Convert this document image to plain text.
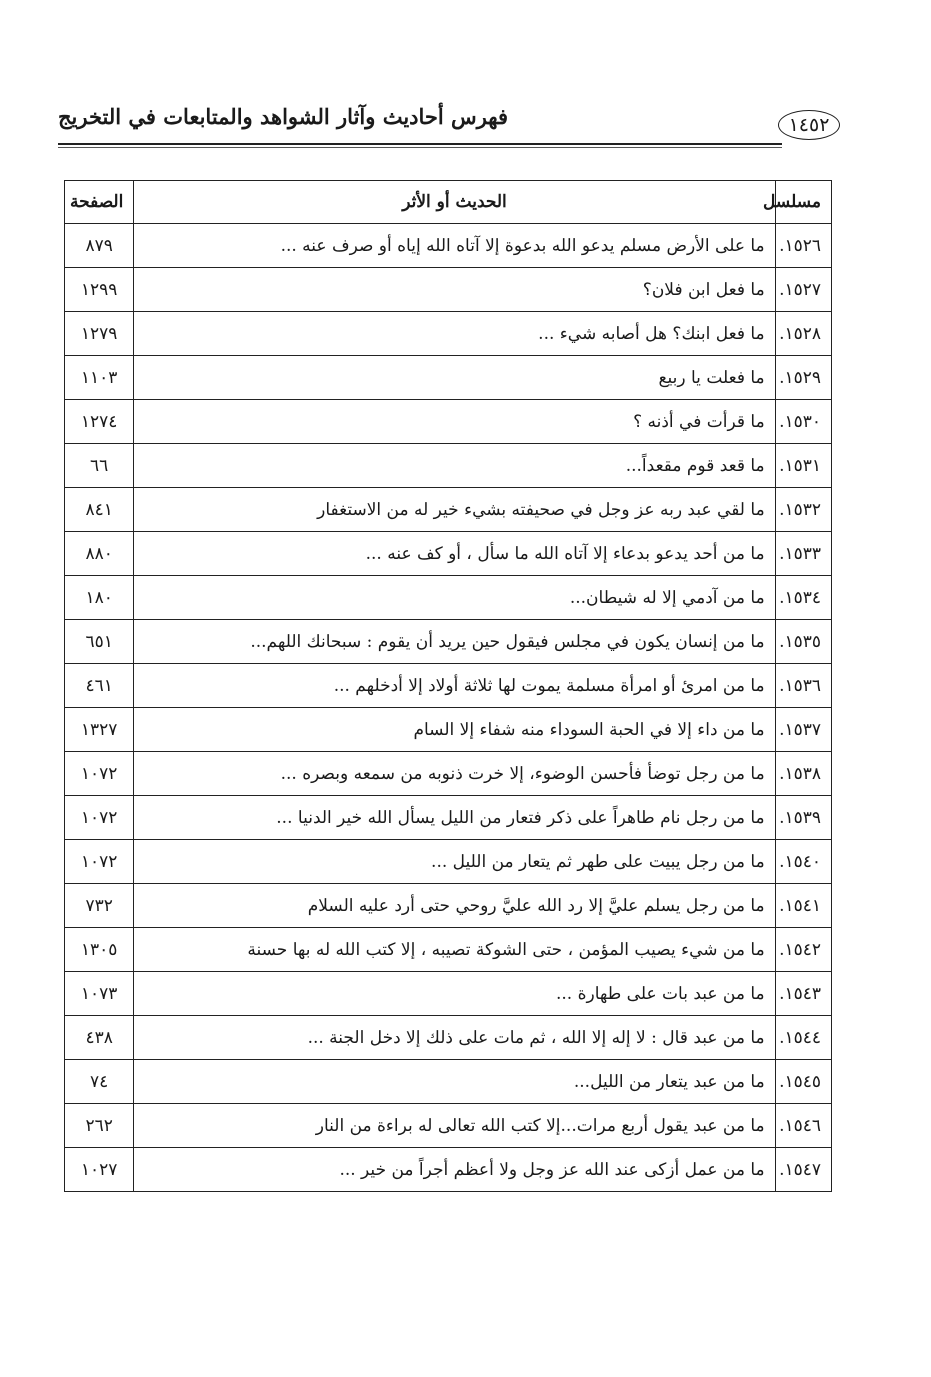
فهرس أحاديث وآثار الشواهد والمتابعات في التخريج	١٤٥٢
مسلسل	الحديث أو الأثر	الصفحة
١٥٢٦.	ما على الأرض مسلم يدعو الله بدعوة إلا آتاه الله إياه أو صرف عنه ...	٨٧٩
١٥٢٧.	ما فعل ابن فلان؟	١٢٩٩
١٥٢٨.	ما فعل ابنك؟ هل أصابه شيء ...	١٢٧٩
١٥٢٩.	ما فعلت يا ربيع	١١٠٣
١٥٣٠.	ما قرأت في أذنه ؟	١٢٧٤
١٥٣١.	ما قعد قوم مقعداً...	٦٦
١٥٣٢.	ما لقي عبد ربه عز وجل في صحيفته بشيء خير له من الاستغفار	٨٤١
١٥٣٣.	ما من أحد يدعو بدعاء إلا آتاه الله ما سأل ، أو كف عنه ...	٨٨٠
١٥٣٤.	ما من آدمي إلا له شيطان...	١٨٠
١٥٣٥.	ما من إنسان يكون في مجلس فيقول حين يريد أن يقوم : سبحانك اللهم...	٦٥١
١٥٣٦.	ما من امرئ أو امرأة مسلمة يموت لها ثلاثة أولاد إلا أدخلهم ...	٤٦١
١٥٣٧.	ما من داء إلا في الحبة السوداء منه شفاء إلا السام	١٣٢٧
١٥٣٨.	ما من رجل توضأ فأحسن الوضوء، إلا خرت ذنوبه من سمعه وبصره ...	١٠٧٢
١٥٣٩.	ما من رجل نام طاهراً على ذكر فتعار من الليل يسأل الله خير الدنيا ...	١٠٧٢
١٥٤٠.	ما من رجل يبيت على طهر ثم يتعار من الليل ...	١٠٧٢
١٥٤١.	ما من رجل يسلم عليَّ إلا رد الله عليَّ روحي حتى أرد عليه السلام	٧٣٢
١٥٤٢.	ما من شيء يصيب المؤمن ، حتى الشوكة تصيبه ، إلا كتب الله له بها حسنة	١٣٠٥
١٥٤٣.	ما من عبد بات على طهارة ...	١٠٧٣
١٥٤٤.	ما من عبد قال : لا إله إلا الله ، ثم مات على ذلك إلا دخل الجنة ...	٤٣٨
١٥٤٥.	ما من عبد يتعار من الليل...	٧٤
١٥٤٦.	ما من عبد يقول أربع مرات...إلا كتب الله تعالى له براءة من النار	٢٦٢
١٥٤٧.	ما من عمل أزكى عند الله عز وجل ولا أعظم أجراً من خير ...	١٠٢٧
